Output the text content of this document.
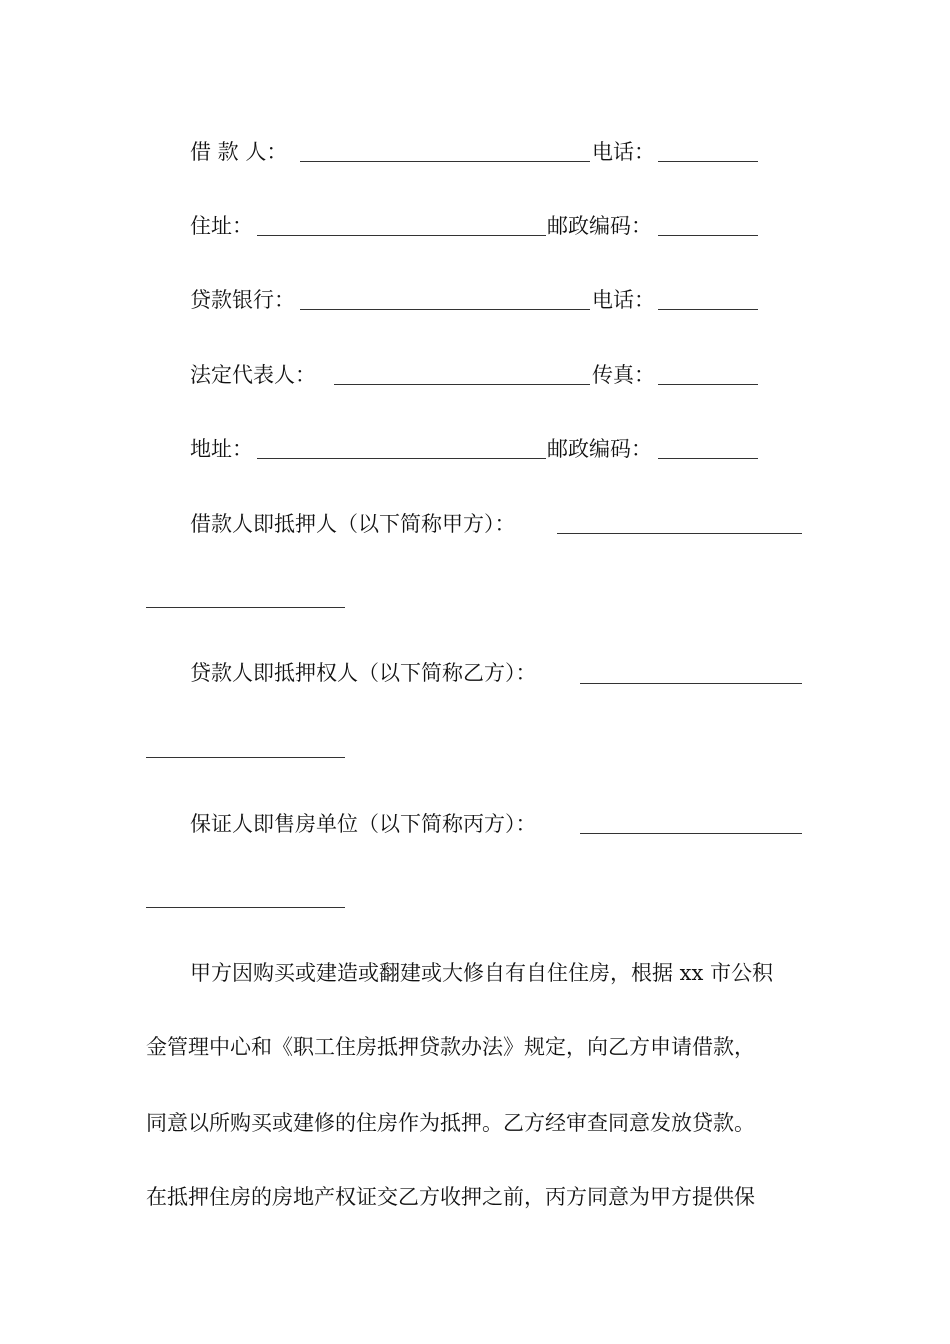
借 款 人：	电话：
住址：	邮政编码：
贷款银行：	电话：
法定代表人：	传真：
地址：	邮政编码：
借款人即抵押人（以下简称甲方）：
贷款人即抵押权人（以下简称乙方）：
保证人即售房单位（以下简称丙方）：
甲方因购买或建造或翻建或大修自有自住住房，根据 xx 市公积
金管理中心和《职工住房抵押贷款办法》规定，向乙方申请借款，
同意以所购买或建修的住房作为抵押。乙方经审查同意发放贷款。
在抵押住房的房地产权证交乙方收押之前，丙方同意为甲方提供保
